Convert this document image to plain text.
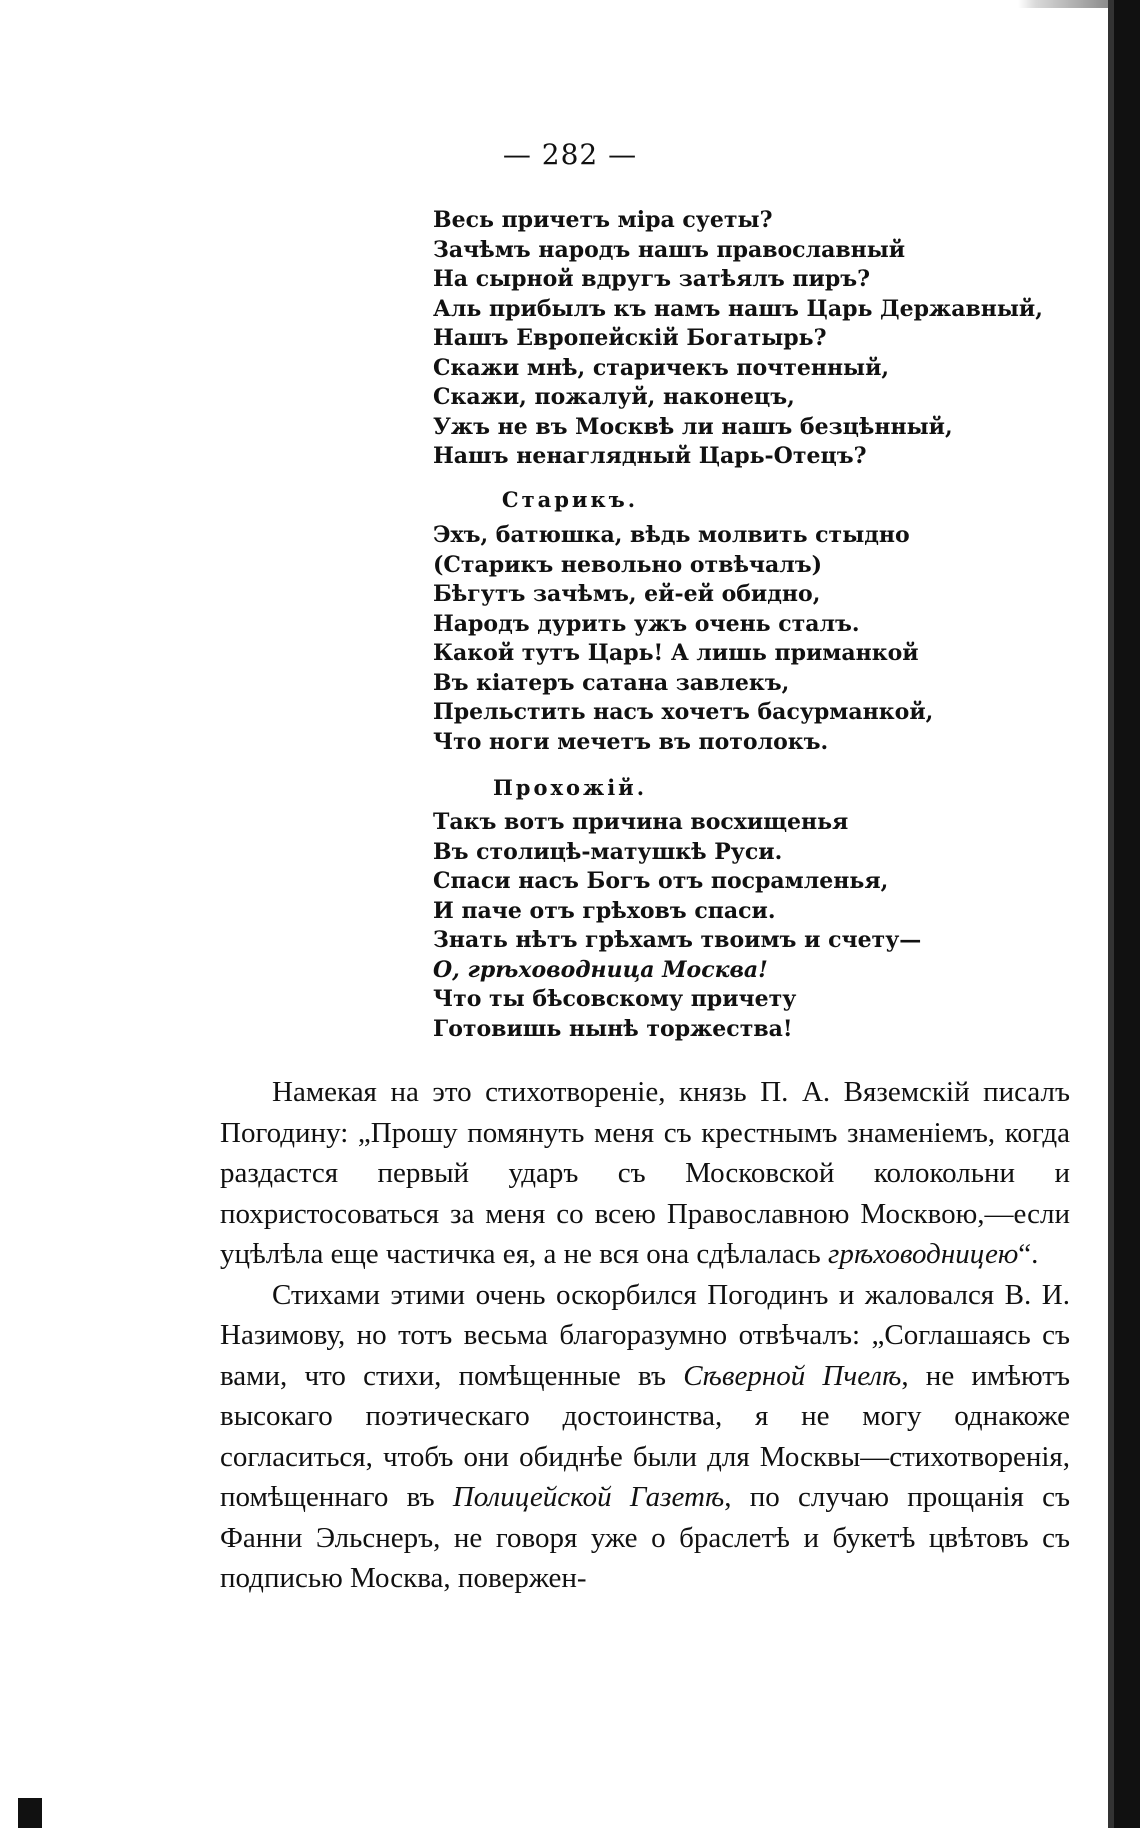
— 282 —
Весь причетъ міра суеты?
Зачѣмъ народъ нашъ православный
На сырной вдругъ затѣялъ пиръ?
Аль прибылъ къ намъ нашъ Царь Державный,
Нашъ Европейскій Богатырь?
Скажи мнѣ, старичекъ почтенный,
Скажи, пожалуй, наконецъ,
Ужъ не въ Москвѣ ли нашъ безцѣнный,
Нашъ ненаглядный Царь-Отецъ?
Старикъ.
Эхъ, батюшка, вѣдь молвить стыдно
(Старикъ невольно отвѣчалъ)
Бѣгутъ зачѣмъ, ей-ей обидно,
Народъ дурить ужъ очень сталъ.
Какой тутъ Царь! А лишь приманкой
Въ кіатеръ сатана завлекъ,
Прельстить насъ хочетъ басурманкой,
Что ноги мечетъ въ потолокъ.
Прохожій.
Такъ вотъ причина восхищенья
Въ столицѣ-матушкѣ Руси.
Спаси насъ Богъ отъ посрамленья,
И паче отъ грѣховъ спаси.
Знать нѣтъ грѣхамъ твоимъ и счету—
О, грѣховодница Москва!
Что ты бѣсовскому причету
Готовишь нынѣ торжества!

Намекая на это стихотвореніе, князь П. А. Вяземскій писалъ Погодину: „Прошу помянуть меня съ крестнымъ знаменіемъ, когда раздастся первый ударъ съ Московской колокольни и похристосоваться за меня со всею Православною Москвою,—если уцѣлѣла еще частичка ея, а не вся она сдѣлалась грѣховодницею“.

Стихами этими очень оскорбился Погодинъ и жаловался В. И. Назимову, но тотъ весьма благоразумно отвѣчалъ: „Соглашаясь съ вами, что стихи, помѣщенные въ Сѣверной Пчелѣ, не имѣютъ высокаго поэтическаго достоинства, я не могу однакоже согласиться, чтобъ они обиднѣе были для Москвы—стихотворенія, помѣщеннаго въ Полицейской Газетѣ, по случаю прощанія съ Фанни Эльснеръ, не говоря уже о браслетѣ и букетѣ цвѣтовъ съ подписью Москва, повержен-
